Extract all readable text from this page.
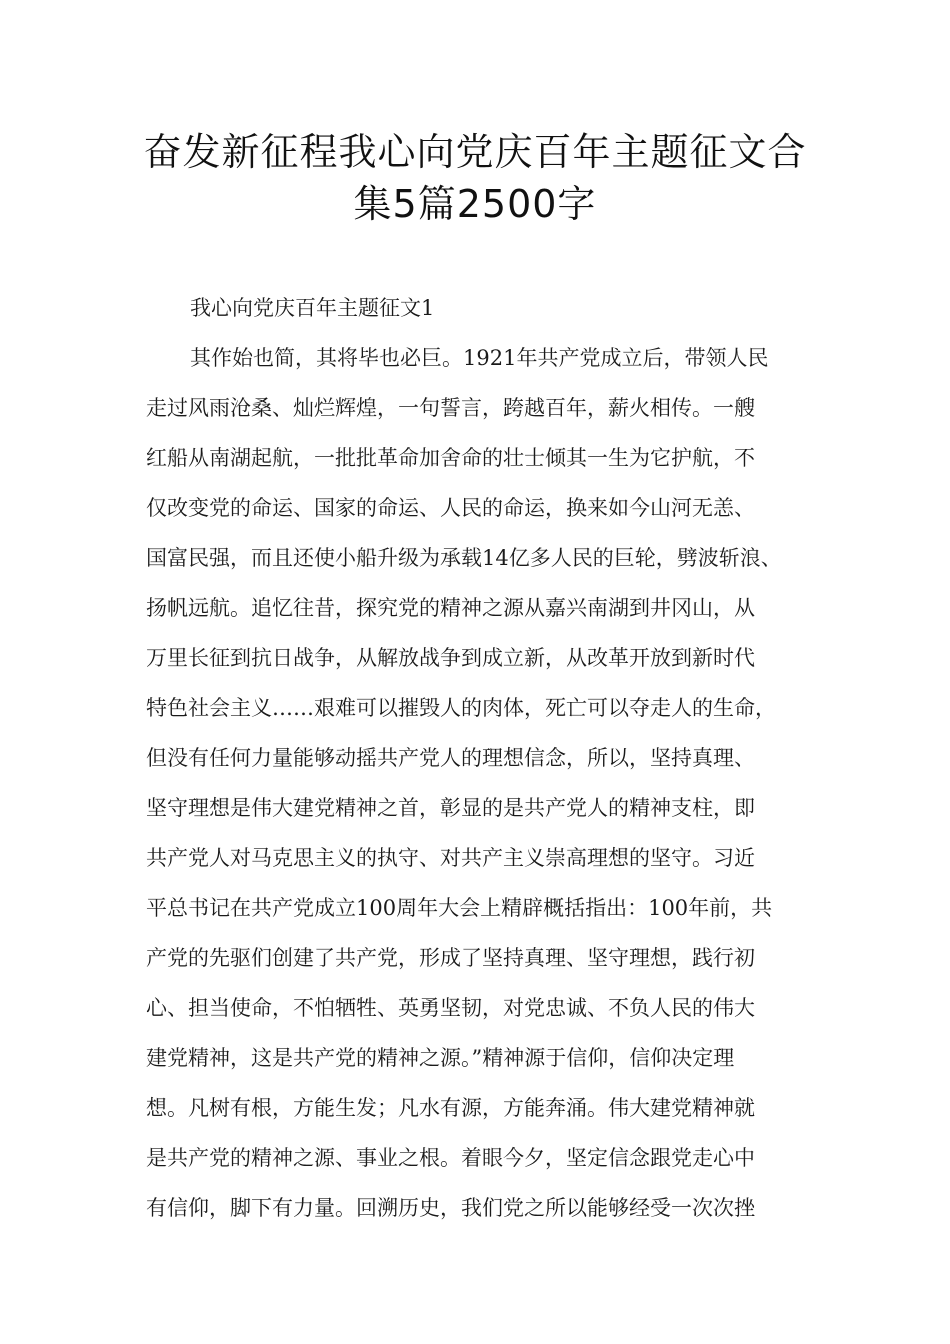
奋发新征程我心向党庆百年主题征文合
集5篇2500字
我心向党庆百年主题征文1
其作始也简，其将毕也必巨。1921年共产党成立后，带领人民
走过风雨沧桑、灿烂辉煌，一句誓言，跨越百年，薪火相传。一艘
红船从南湖起航，一批批革命加舍命的壮士倾其一生为它护航，不
仅改变党的命运、国家的命运、人民的命运，换来如今山河无恙、
国富民强，而且还使小船升级为承载14亿多人民的巨轮，劈波斩浪、
扬帆远航。追忆往昔，探究党的精神之源从嘉兴南湖到井冈山，从
万里长征到抗日战争，从解放战争到成立新，从改革开放到新时代
特色社会主义……艰难可以摧毁人的肉体，死亡可以夺走人的生命，
但没有任何力量能够动摇共产党人的理想信念，所以，坚持真理、
坚守理想是伟大建党精神之首，彰显的是共产党人的精神支柱，即
共产党人对马克思主义的执守、对共产主义崇高理想的坚守。习近
平总书记在共产党成立100周年大会上精辟概括指出：100年前，共
产党的先驱们创建了共产党，形成了坚持真理、坚守理想，践行初
心、担当使命，不怕牺牲、英勇坚韧，对党忠诚、不负人民的伟大
建党精神，这是共产党的精神之源。”精神源于信仰，信仰决定理
想。凡树有根，方能生发；凡水有源，方能奔涌。伟大建党精神就
是共产党的精神之源、事业之根。着眼今夕，坚定信念跟党走心中
有信仰，脚下有力量。回溯历史，我们党之所以能够经受一次次挫
